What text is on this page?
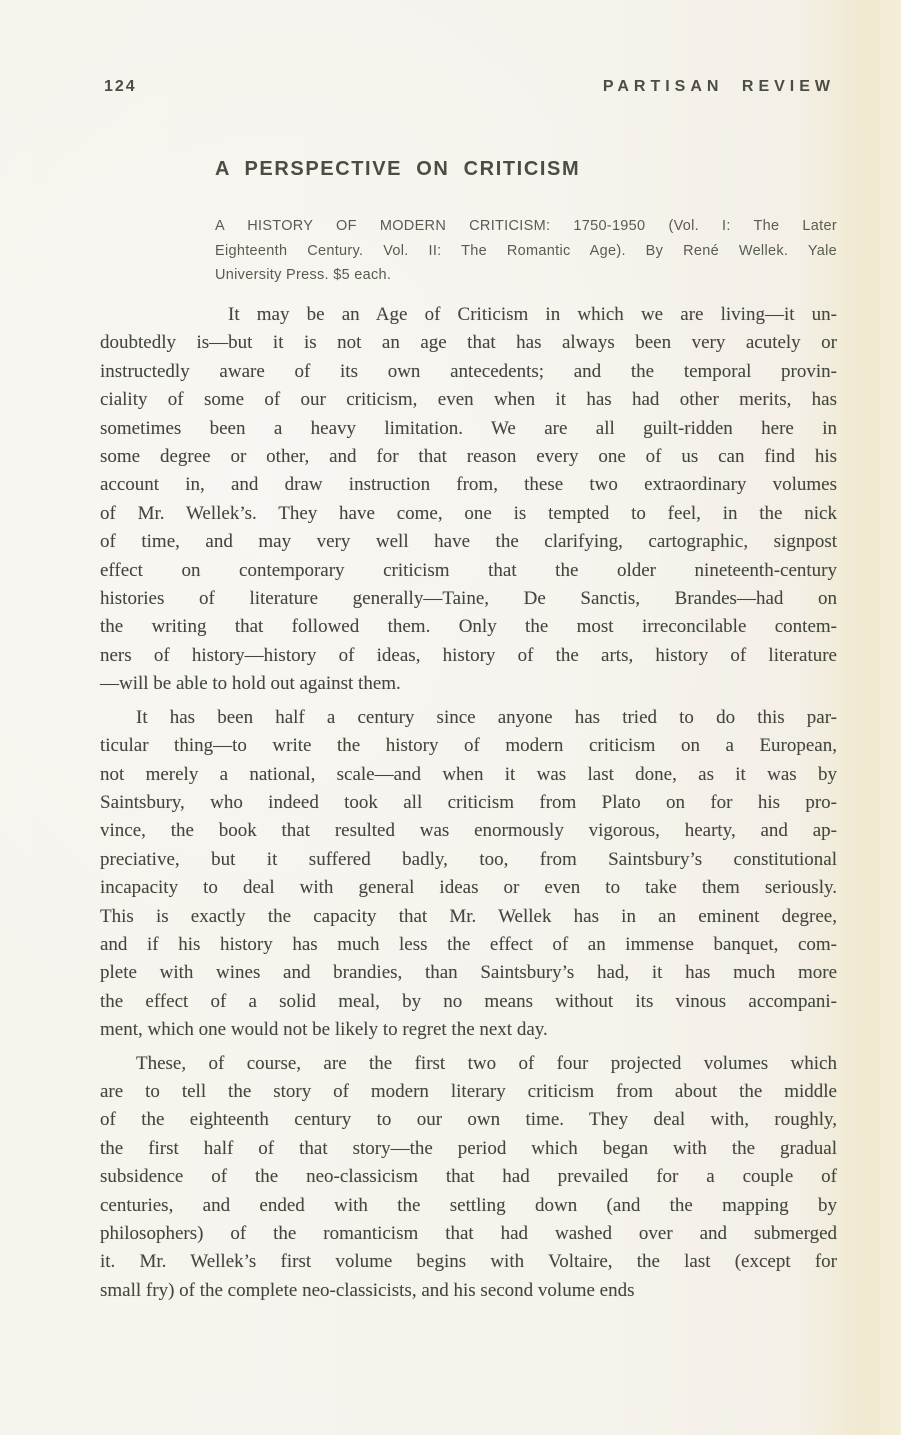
124	PARTISAN REVIEW
A PERSPECTIVE ON CRITICISM
A HISTORY OF MODERN CRITICISM: 1750-1950 (Vol. I: The Later
Eighteenth Century. Vol. II: The Romantic Age). By René Wellek. Yale
University Press. $5 each.
It may be an Age of Criticism in which we are living—it un-
doubtedly is—but it is not an age that has always been very acutely or
instructedly aware of its own antecedents; and the temporal provin-
ciality of some of our criticism, even when it has had other merits, has
sometimes been a heavy limitation. We are all guilt-ridden here in
some degree or other, and for that reason every one of us can find his
account in, and draw instruction from, these two extraordinary volumes
of Mr. Wellek’s. They have come, one is tempted to feel, in the nick
of time, and may very well have the clarifying, cartographic, signpost
effect on contemporary criticism that the older nineteenth-century
histories of literature generally—Taine, De Sanctis, Brandes—had on
the writing that followed them. Only the most irreconcilable contem-
ners of history—history of ideas, history of the arts, history of literature
—will be able to hold out against them.
It has been half a century since anyone has tried to do this par-
ticular thing—to write the history of modern criticism on a European,
not merely a national, scale—and when it was last done, as it was by
Saintsbury, who indeed took all criticism from Plato on for his pro-
vince, the book that resulted was enormously vigorous, hearty, and ap-
preciative, but it suffered badly, too, from Saintsbury’s constitutional
incapacity to deal with general ideas or even to take them seriously.
This is exactly the capacity that Mr. Wellek has in an eminent degree,
and if his history has much less the effect of an immense banquet, com-
plete with wines and brandies, than Saintsbury’s had, it has much more
the effect of a solid meal, by no means without its vinous accompani-
ment, which one would not be likely to regret the next day.
These, of course, are the first two of four projected volumes which
are to tell the story of modern literary criticism from about the middle
of the eighteenth century to our own time. They deal with, roughly,
the first half of that story—the period which began with the gradual
subsidence of the neo-classicism that had prevailed for a couple of
centuries, and ended with the settling down (and the mapping by
philosophers) of the romanticism that had washed over and submerged
it. Mr. Wellek’s first volume begins with Voltaire, the last (except for
small fry) of the complete neo-classicists, and his second volume ends
